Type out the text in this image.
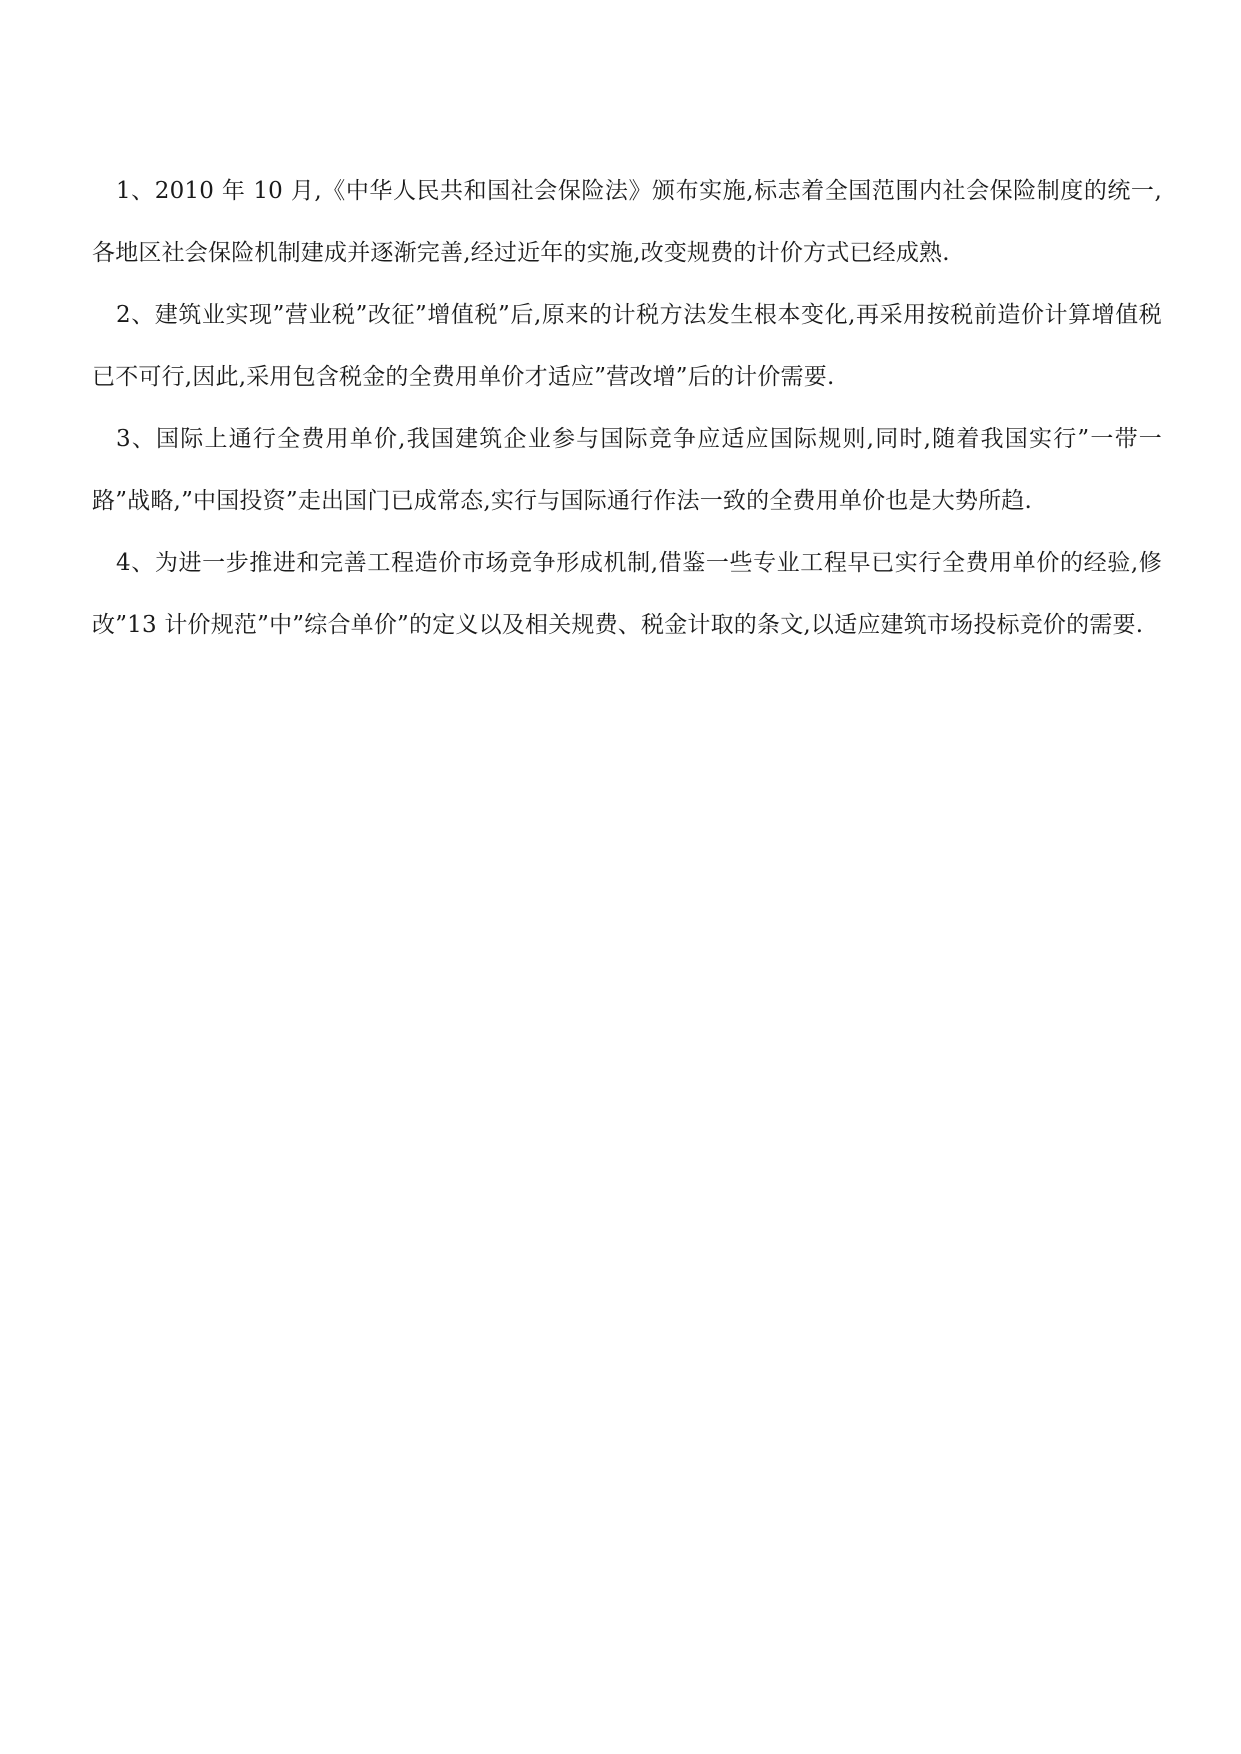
1、2010 年 10 月,《中华人民共和国社会保险法》颁布实施,标志着全国范围内社会保险制度的统一,各地区社会保险机制建成并逐渐完善,经过近年的实施,改变规费的计价方式已经成熟.

2、建筑业实现”营业税”改征”增值税”后,原来的计税方法发生根本变化,再采用按税前造价计算增值税已不可行,因此,采用包含税金的全费用单价才适应”营改增”后的计价需要.

3、国际上通行全费用单价,我国建筑企业参与国际竞争应适应国际规则,同时,随着我国实行”一带一路”战略,”中国投资”走出国门已成常态,实行与国际通行作法一致的全费用单价也是大势所趋.

4、为进一步推进和完善工程造价市场竞争形成机制,借鉴一些专业工程早已实行全费用单价的经验,修改”13 计价规范”中”综合单价”的定义以及相关规费、税金计取的条文,以适应建筑市场投标竞价的需要.
